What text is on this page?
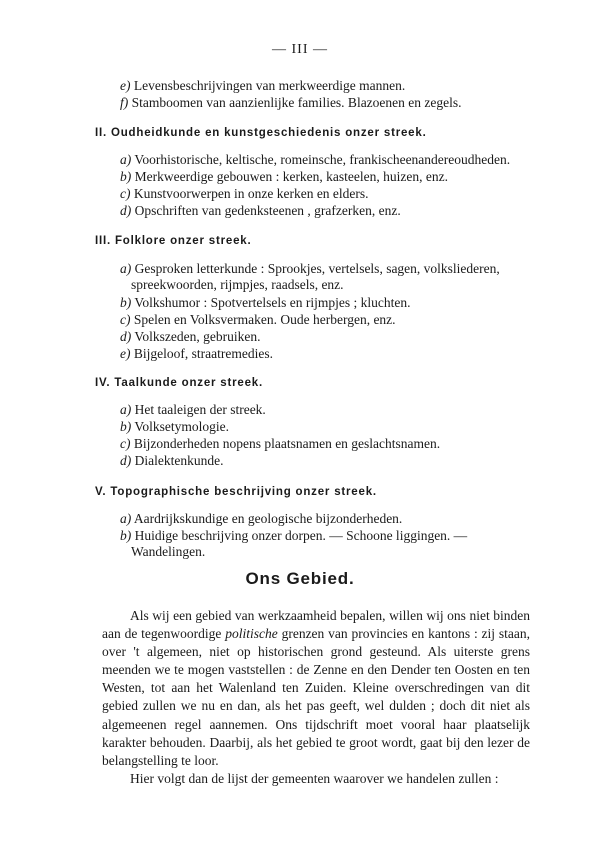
— III —
e) Levensbeschrijvingen van merkweerdige mannen.
f) Stamboomen van aanzienlijke families. Blazoenen en zegels.
II. Oudheidkunde en kunstgeschiedenis onzer streek.
a) Voorhistorische, keltische, romeinsche, frankischeenandereoudheden.
b) Merkweerdige gebouwen : kerken, kasteelen, huizen, enz.
c) Kunstvoorwerpen in onze kerken en elders.
d) Opschriften van gedenksteenen , grafzerken, enz.
III. Folklore onzer streek.
a) Gesproken letterkunde : Sprookjes, vertelsels, sagen, volksliederen,
spreekwoorden, rijmpjes, raadsels, enz.
b) Volkshumor : Spotvertelsels en rijmpjes ; kluchten.
c) Spelen en Volksvermaken. Oude herbergen, enz.
d) Volkszeden, gebruiken.
e) Bijgeloof, straatremedies.
IV. Taalkunde onzer streek.
a) Het taaleigen der streek.
b) Volksetymologie.
c) Bijzonderheden nopens plaatsnamen en geslachtsnamen.
d) Dialektenkunde.
V. Topographische beschrijving onzer streek.
a) Aardrijkskundige en geologische bijzonderheden.
b) Huidige beschrijving onzer dorpen. — Schoone liggingen. —
Wandelingen.
Ons Gebied.

Als wij een gebied van werkzaamheid bepalen, willen wij ons niet binden aan de tegenwoordige politische grenzen van provincies en kantons : zij staan, over 't algemeen, niet op historischen grond gesteund. Als uiterste grens meenden we te mogen vaststellen : de Zenne en den Dender ten Oosten en ten Westen, tot aan het Walenland ten Zuiden. Kleine overschredingen van dit gebied zullen we nu en dan, als het pas geeft, wel dulden ; doch dit niet als algemeenen regel aannemen. Ons tijdschrift moet vooral haar plaatselijk karakter behouden. Daarbij, als het gebied te groot wordt, gaat bij den lezer de belangstelling te loor.

Hier volgt dan de lijst der gemeenten waarover we handelen zullen :
